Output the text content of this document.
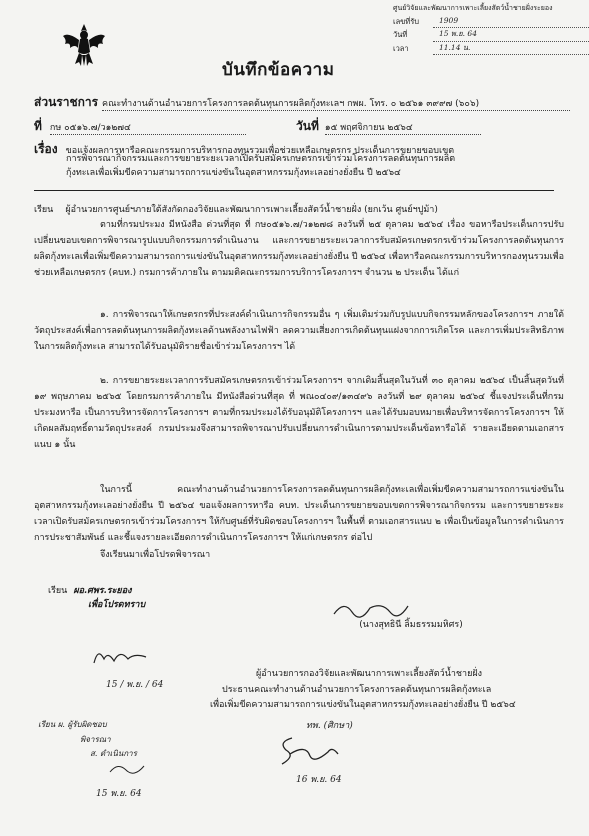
ศูนย์วิจัยและพัฒนาการเพาะเลี้ยงสัตว์น้ำชายฝั่งระยอง
เลขที่รับ	1909
วันที่	15 พ.ย. 64
เวลา	11.14 น.
บันทึกข้อความ
ส่วนราชการ คณะทำงานด้านอำนวยการโครงการลดต้นทุนการผลิตกุ้งทะเลฯ กพผ. โทร. ๐ ๒๕๖๑ ๓๙๙๗ (๖๐๖)
ที่ กษ ๐๕๑๖.๗/ว๑๒๗๔	วันที่ ๑๕ พฤศจิกายน ๒๕๖๔
เรื่อง ขอแจ้งผลการหารือคณะกรรมการบริหารกองทุนรวมเพื่อช่วยเหลือเกษตรกร ประเด็นการขยายขอบเขต
การพิจารณากิจกรรมและการขยายระยะเวลาเปิดรับสมัครเกษตรกรเข้าร่วมโครงการลดต้นทุนการผลิต
กุ้งทะเลเพื่อเพิ่มขีดความสามารถการแข่งขันในอุตสาหกรรมกุ้งทะเลอย่างยั่งยืน ปี ๒๕๖๔
เรียน ผู้อำนวยการศูนย์ฯภายใต้สังกัดกองวิจัยและพัฒนาการเพาะเลี้ยงสัตว์น้ำชายฝั่ง (ยกเว้น ศูนย์ฯปูม้า)
ตามที่กรมประมง มีหนังสือ ด่วนที่สุด ที่ กษ๐๕๑๖.๗/ว๑๒๗๘ ลงวันที่ ๒๕ ตุลาคม ๒๕๖๔ เรื่อง ขอหารือประเด็นการปรับเปลี่ยนขอบเขตการพิจารณารูปแบบกิจกรรมการดำเนินงาน และการขยายระยะเวลาการรับสมัครเกษตรกรเข้าร่วมโครงการลดต้นทุนการผลิตกุ้งทะเลเพื่อเพิ่มขีดความสามารถการแข่งขันในอุตสาหกรรมกุ้งทะเลอย่างยั่งยืน ปี ๒๕๖๔ เพื่อหารือคณะกรรมการบริหารกองทุนรวมเพื่อช่วยเหลือเกษตรกร (คบท.) กรมการค้าภายใน ตามมติคณะกรรมการบริการโครงการฯ จำนวน ๒ ประเด็น ได้แก่
๑. การพิจารณาให้เกษตรกรที่ประสงค์ดำเนินการกิจกรรมอื่น ๆ เพิ่มเติมร่วมกับรูปแบบกิจกรรมหลักของโครงการฯ ภายใต้วัตถุประสงค์เพื่อการลดต้นทุนการผลิตกุ้งทะเลด้านพลังงานไฟฟ้า ลดความเสี่ยงการเกิดต้นทุนแฝงจากการเกิดโรค และการเพิ่มประสิทธิภาพในการผลิตกุ้งทะเล สามารถได้รับอนุมัติรายชื่อเข้าร่วมโครงการฯ ได้
๒. การขยายระยะเวลาการรับสมัครเกษตรกรเข้าร่วมโครงการฯ จากเดิมสิ้นสุดในวันที่ ๓๐ ตุลาคม ๒๕๖๔ เป็นสิ้นสุดวันที่ ๑๙ พฤษภาคม ๒๕๖๕ โดยกรมการค้าภายใน มีหนังสือด่วนที่สุด ที่ พณ๐๔๐๙/๑๓๔๙๖ ลงวันที่ ๒๙ ตุลาคม ๒๕๖๔ ชี้แจงประเด็นที่กรมประมงหารือ เป็นการบริหารจัดการโครงการฯ ตามที่กรมประมงได้รับอนุมัติโครงการฯ และได้รับมอบหมายเพื่อบริหารจัดการโครงการฯ ให้เกิดผลสัมฤทธิ์ตามวัตถุประสงค์ กรมประมงจึงสามารถพิจารณาปรับเปลี่ยนการดำเนินการตามประเด็นข้อหารือได้ รายละเอียดตามเอกสารแนบ ๑ นั้น
ในการนี้ คณะทำงานด้านอำนวยการโครงการลดต้นทุนการผลิตกุ้งทะเลเพื่อเพิ่มขีดความสามารถการแข่งขันในอุตสาหกรรมกุ้งทะเลอย่างยั่งยืน ปี ๒๕๖๔ ขอแจ้งผลการหารือ คบท. ประเด็นการขยายขอบเขตการพิจารณากิจกรรม และการขยายระยะเวลาเปิดรับสมัครเกษตรกรเข้าร่วมโครงการฯ ให้กับศูนย์ที่รับผิดชอบโครงการฯ ในพื้นที่ ตามเอกสารแนบ ๒ เพื่อเป็นข้อมูลในการดำเนินการ การประชาสัมพันธ์ และชี้แจงรายละเอียดการดำเนินการโครงการฯ ให้แก่เกษตรกร ต่อไป
จึงเรียนมาเพื่อโปรดพิจารณา
เรียน ผอ.ศพร.ระยอง
เพื่อโปรดทราบ
(นางสุทธินี ลิ้มธรรมมหิศร)
ผู้อำนวยการกองวิจัยและพัฒนาการเพาะเลี้ยงสัตว์น้ำชายฝั่ง
ประธานคณะทำงานด้านอำนวยการโครงการลดต้นทุนการผลิตกุ้งทะเล
เพื่อเพิ่มขีดความสามารถการแข่งขันในอุตสาหกรรมกุ้งทะเลอย่างยั่งยืน ปี ๒๕๖๔
15 / พ.ย. / 64
เรียน ผ. ผู้รับผิดชอบ
พิจารณา
ส. ดำเนินการ
15 พ.ย. 64
ทพ. (ศิกษา)
16 พ.ย. 64
